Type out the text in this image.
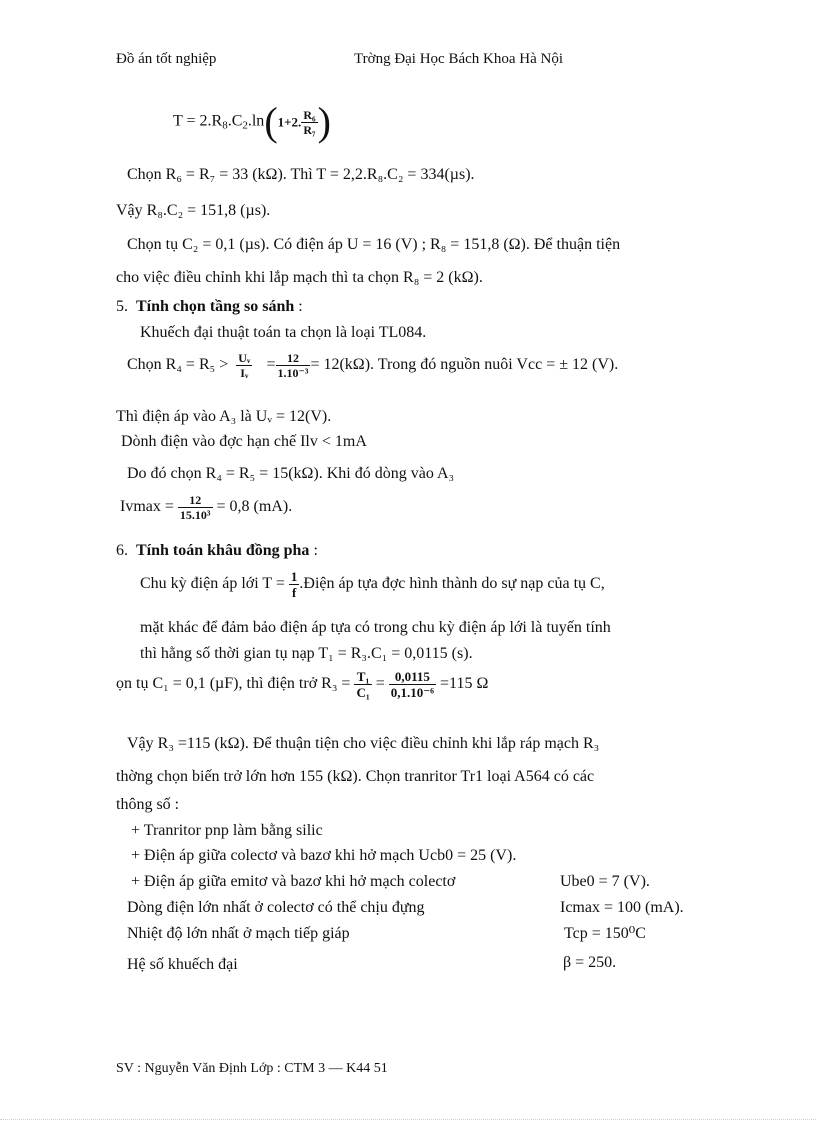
Đồ án tốt nghiệp	Trờng Đại Học Bách Khoa Hà Nội
$T = 2.R_8.C_2.\ln(1+2$. $\frac{\text{R₆}}{\text{R₇}}$ )
Chọn R₆ = R₇ = 33 (kΩ). Thì T = 2,2.R₈.C₂ = 334(µs).
Vậy R₈.C₂ = 151,8 (µs).
Chọn tụ C₂ = 0,1 (µs). Có điện áp U = 16 (V) ; R₈ = 151,8 (Ω). Để thuận tiện
cho việc điều chỉnh khi lắp mạch thì ta chọn R₈ = 2 (kΩ).
5. Tính chọn tầng so sánh :
Khuếch đại thuật toán ta chọn là loại TL084.
Chọn $R_4 = R_5 > \frac{\text{Uᵥ}}{\text{Iᵥ}} = \frac{12}{\text{1.10⁻³}} = 12(k\Omega)$. Trong đó nguồn nuôi Vcc = ± 12 (V).
Thì điện áp vào A₃ là Uᵥ = 12(V).
Dònh điện vào đợc hạn chế Ilv < 1mA
Do đó chọn R₄ = R₅ = 15(kΩ). Khi đó dòng vào A₃
$Ivmax = \frac{12}{\text{15.10³}} = 0,8$ (mA).
6. Tính toán khâu đồng pha :
Chu kỳ điện áp lới $T = \frac{1}{f}$ .Điện áp tựa đợc hình thành do sự nạp của tụ C,
mặt khác để đảm bảo điện áp tựa có trong chu kỳ điện áp lới là tuyến tính
thì hằng số thời gian tụ nạp T₁ = R₃.C₁ = 0,0115 (s).
ọn tụ C₁ = 0,1 (µF), thì điện trở $R_3 = \frac{\text{T₁}}{\text{C₁}} = \frac{0,0115}{\text{0,1.10⁻⁶}} =115$ Ω
Vậy R₃ =115 (kΩ). Để thuận tiện cho việc điều chỉnh khi lắp ráp mạch R₃
thờng chọn biến trở lớn hơn 155 (kΩ). Chọn tranritor Tr1 loại A564 có các
thông số :
+ Tranritor pnp làm bằng silic
+ Điện áp giữa colectơ và bazơ khi hở mạch Ucb0 = 25 (V).
+ Điện áp giữa emitơ và bazơ khi hở mạch colectơ	Ube0 = 7 (V).
Dòng điện lớn nhất ở colectơ có thể chịu đựng	Icmax = 100 (mA).
Nhiệt độ lớn nhất ở mạch tiếp giáp	Tcp = 150⁰C
Hệ số khuếch đại	β = 250.
SV : Nguyễn Văn Định Lớp : CTM 3 — K44 51
